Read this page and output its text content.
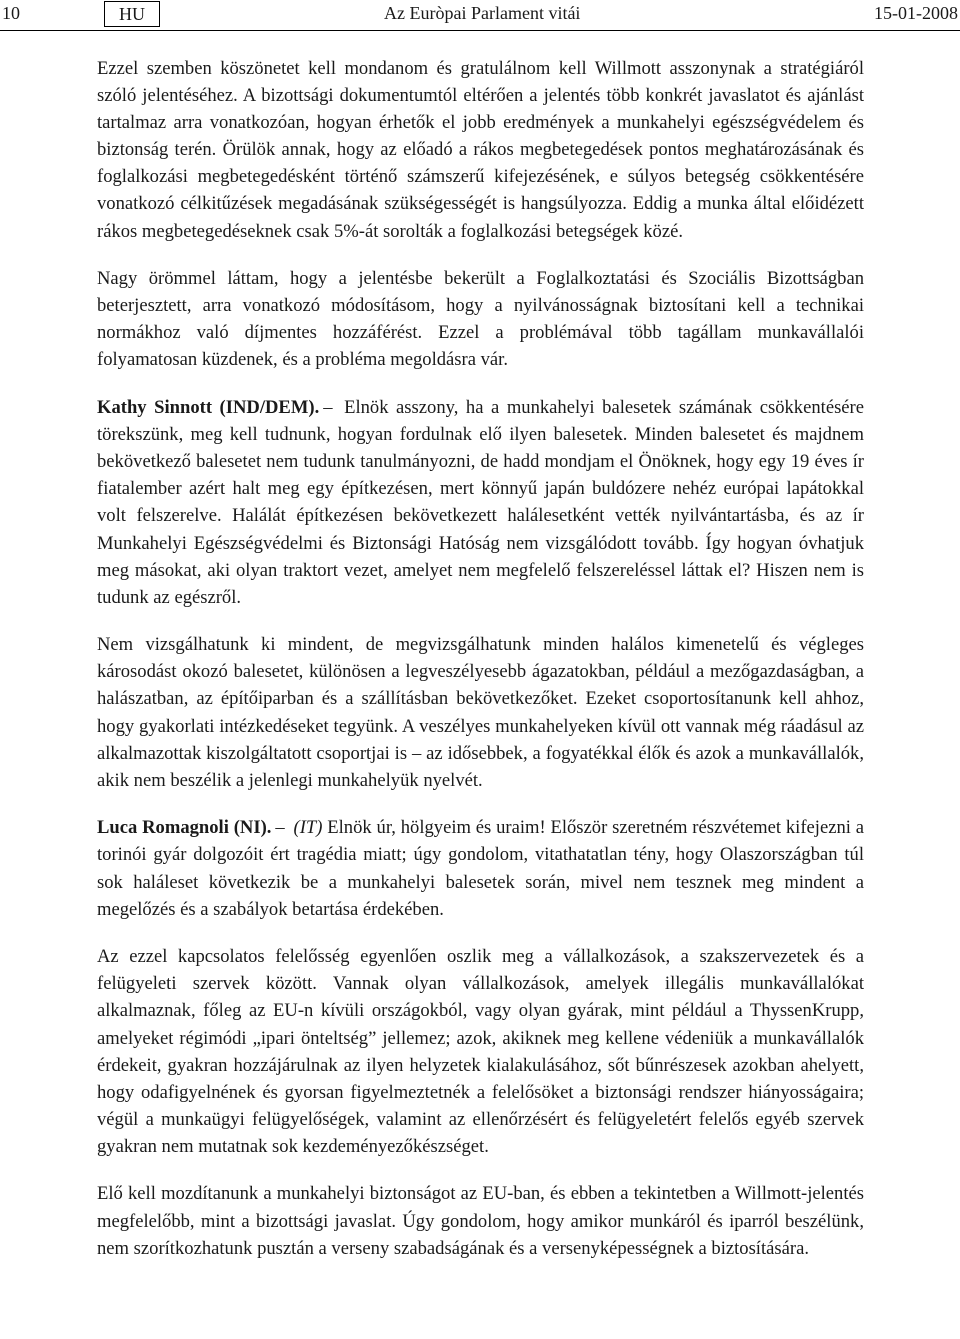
10	HU	Az Euròpai Parlament vitái	15-01-2008

Ezzel szemben köszönetet kell mondanom és gratulálnom kell Willmott asszonynak a stratégiáról szóló jelentéséhez. A bizottsági dokumentumtól eltérően a jelentés több konkrét javaslatot és ajánlást tartalmaz arra vonatkozóan, hogyan érhetők el jobb eredmények a munkahelyi egészségvédelem és biztonság terén. Örülök annak, hogy az előadó a rákos megbetegedések pontos meghatározásának és foglalkozási megbetegedésként történő számszerű kifejezésének, e súlyos betegség csökkentésére vonatkozó célkitűzések megadásának szükségességét is hangsúlyozza. Eddig a munka által előidézett rákos megbetegedéseknek csak 5%-át sorolták a foglalkozási betegségek közé.

Nagy örömmel láttam, hogy a jelentésbe bekerült a Foglalkoztatási és Szociális Bizottságban beterjesztett, arra vonatkozó módosításom, hogy a nyilvánosságnak biztosítani kell a technikai normákhoz való díjmentes hozzáférést. Ezzel a problémával több tagállam munkavállalói folyamatosan küzdenek, és a probléma megoldásra vár.

Kathy Sinnott (IND/DEM). – Elnök asszony, ha a munkahelyi balesetek számának csökkentésére törekszünk, meg kell tudnunk, hogyan fordulnak elő ilyen balesetek. Minden balesetet és majdnem bekövetkező balesetet nem tudunk tanulmányozni, de hadd mondjam el Önöknek, hogy egy 19 éves ír fiatalember azért halt meg egy építkezésen, mert könnyű japán buldózere nehéz európai lapátokkal volt felszerelve. Halálát építkezésen bekövetkezett halálesetként vették nyilvántartásba, és az ír Munkahelyi Egészségvédelmi és Biztonsági Hatóság nem vizsgálódott tovább. Így hogyan óvhatjuk meg másokat, aki olyan traktort vezet, amelyet nem megfelelő felszereléssel láttak el? Hiszen nem is tudunk az egészről.

Nem vizsgálhatunk ki mindent, de megvizsgálhatunk minden halálos kimenetelű és végleges károsodást okozó balesetet, különösen a legveszélyesebb ágazatokban, például a mezőgazdaságban, a halászatban, az építőiparban és a szállításban bekövetkezőket. Ezeket csoportosítanunk kell ahhoz, hogy gyakorlati intézkedéseket tegyünk. A veszélyes munkahelyeken kívül ott vannak még ráadásul az alkalmazottak kiszolgáltatott csoportjai is – az idősebbek, a fogyatékkal élők és azok a munkavállalók, akik nem beszélik a jelenlegi munkahelyük nyelvét.

Luca Romagnoli (NI). – (IT) Elnök úr, hölgyeim és uraim! Először szeretném részvétemet kifejezni a torinói gyár dolgozóit ért tragédia miatt; úgy gondolom, vitathatatlan tény, hogy Olaszországban túl sok haláleset következik be a munkahelyi balesetek során, mivel nem tesznek meg mindent a megelőzés és a szabályok betartása érdekében.

Az ezzel kapcsolatos felelősség egyenlően oszlik meg a vállalkozások, a szakszervezetek és a felügyeleti szervek között. Vannak olyan vállalkozások, amelyek illegális munkavállalókat alkalmaznak, főleg az EU-n kívüli országokból, vagy olyan gyárak, mint például a ThyssenKrupp, amelyeket régimódi „ipari önteltség” jellemez; azok, akiknek meg kellene védeniük a munkavállalók érdekeit, gyakran hozzájárulnak az ilyen helyzetek kialakulásához, sőt bűnrészesek azokban ahelyett, hogy odafigyelnének és gyorsan figyelmeztetnék a felelősöket a biztonsági rendszer hiányosságaira; végül a munkaügyi felügyelőségek, valamint az ellenőrzésért és felügyeletért felelős egyéb szervek gyakran nem mutatnak sok kezdeményezőkészséget.

Elő kell mozdítanunk a munkahelyi biztonságot az EU-ban, és ebben a tekintetben a Willmott-jelentés megfelelőbb, mint a bizottsági javaslat. Úgy gondolom, hogy amikor munkáról és iparról beszélünk, nem szorítkozhatunk pusztán a verseny szabadságának és a versenyképességnek a biztosítására.
